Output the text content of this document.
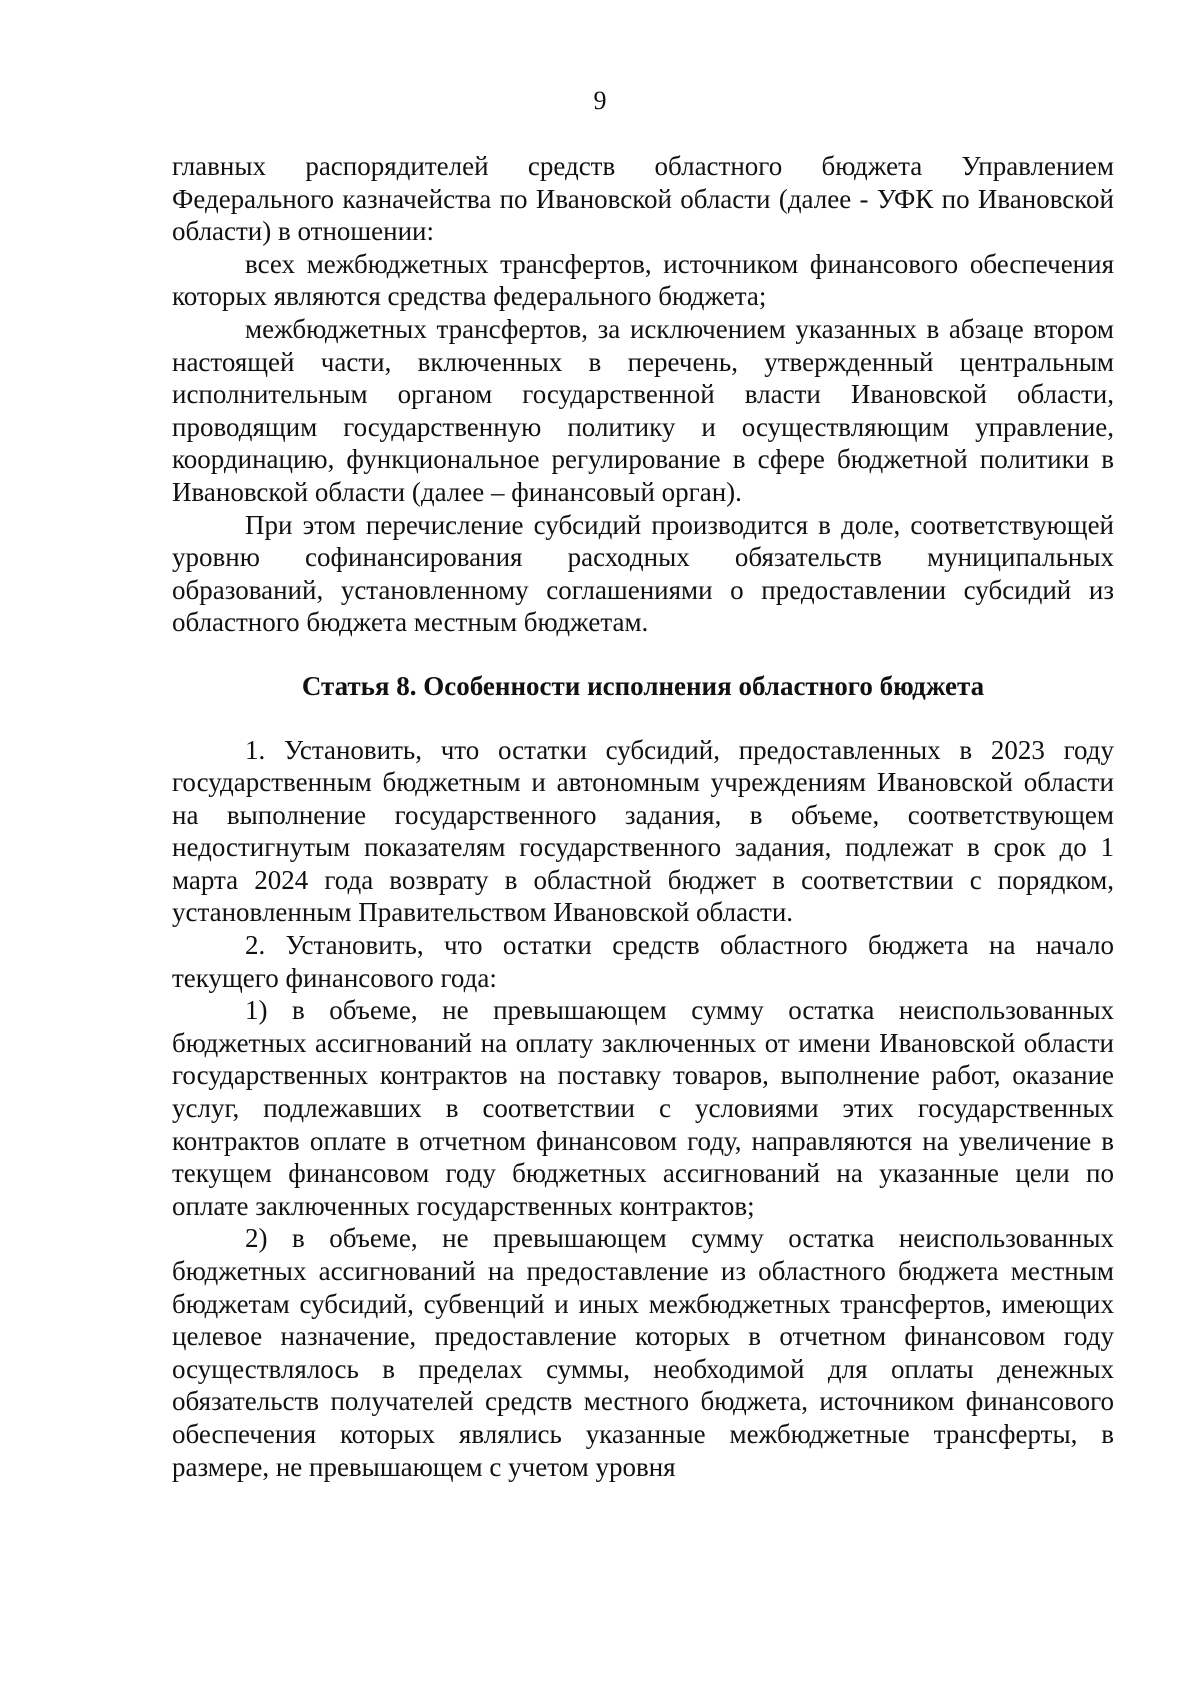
9

главных распорядителей средств областного бюджета Управлением Федерального казначейства по Ивановской области (далее - УФК по Ивановской области) в отношении:

всех межбюджетных трансфертов, источником финансового обеспечения которых являются средства федерального бюджета;

межбюджетных трансфертов, за исключением указанных в абзаце втором настоящей части, включенных в перечень, утвержденный центральным исполнительным органом государственной власти Ивановской области, проводящим государственную политику и осуществляющим управление, координацию, функциональное регулирование в сфере бюджетной политики в Ивановской области (далее – финансовый орган).

При этом перечисление субсидий производится в доле, соответствующей уровню софинансирования расходных обязательств муниципальных образований, установленному соглашениями о предоставлении субсидий из областного бюджета местным бюджетам.

Статья 8. Особенности исполнения областного бюджета

1. Установить, что остатки субсидий, предоставленных в 2023 году государственным бюджетным и автономным учреждениям Ивановской области на выполнение государственного задания, в объеме, соответствующем недостигнутым показателям государственного задания, подлежат в срок до 1 марта 2024 года возврату в областной бюджет в соответствии с порядком, установленным Правительством Ивановской области.

2. Установить, что остатки средств областного бюджета на начало текущего финансового года:

1) в объеме, не превышающем сумму остатка неиспользованных бюджетных ассигнований на оплату заключенных от имени Ивановской области государственных контрактов на поставку товаров, выполнение работ, оказание услуг, подлежавших в соответствии с условиями этих государственных контрактов оплате в отчетном финансовом году, направляются на увеличение в текущем финансовом году бюджетных ассигнований на указанные цели по оплате заключенных государственных контрактов;

2) в объеме, не превышающем сумму остатка неиспользованных бюджетных ассигнований на предоставление из областного бюджета местным бюджетам субсидий, субвенций и иных межбюджетных трансфертов, имеющих целевое назначение, предоставление которых в отчетном финансовом году осуществлялось в пределах суммы, необходимой для оплаты денежных обязательств получателей средств местного бюджета, источником финансового обеспечения которых являлись указанные межбюджетные трансферты, в размере, не превышающем с учетом уровня
